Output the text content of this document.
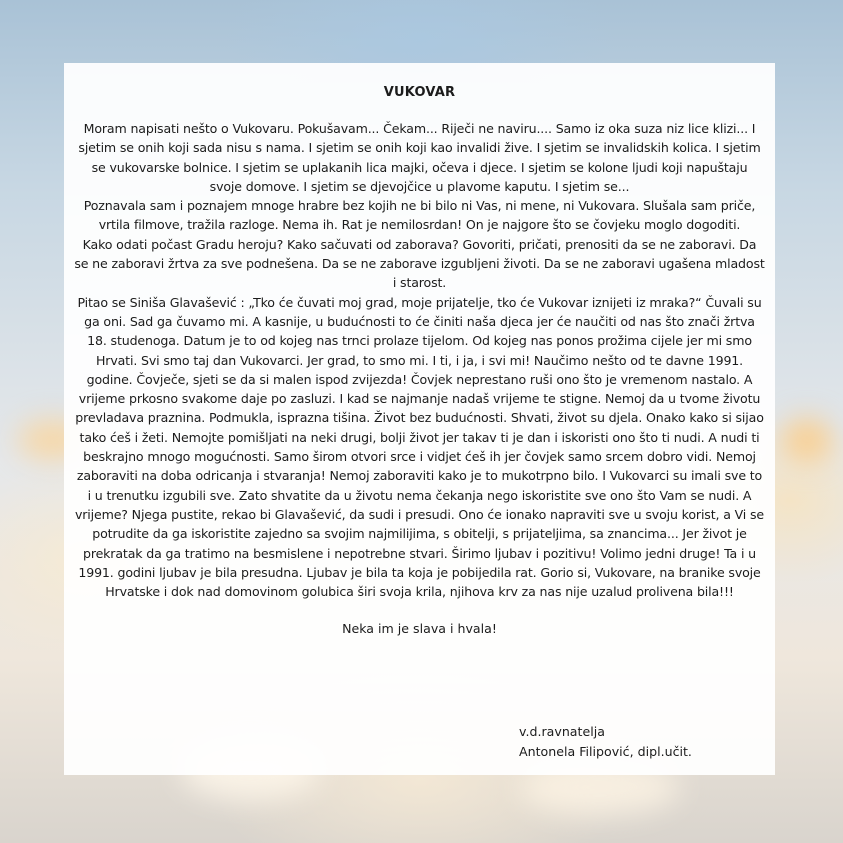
VUKOVAR

Moram napisati nešto o Vukovaru. Pokušavam... Čekam... Riječi ne naviru.... Samo iz oka suza niz lice klizi... I sjetim se onih koji sada nisu s nama. I sjetim se onih koji kao invalidi žive. I sjetim se invalidskih kolica. I sjetim se vukovarske bolnice. I sjetim se uplakanih lica majki, očeva i djece. I sjetim se kolone ljudi koji napuštaju svoje domove. I sjetim se djevojčice u plavome kaputu. I sjetim se...

Poznavala sam i poznajem mnoge hrabre bez kojih ne bi bilo ni Vas, ni mene, ni Vukovara. Slušala sam priče, vrtila filmove, tražila razloge. Nema ih. Rat je nemilosrdan! On je najgore što se čovjeku moglo dogoditi.

Kako odati počast Gradu heroju? Kako sačuvati od zaborava? Govoriti, pričati, prenositi da se ne zaboravi. Da se ne zaboravi žrtva za sve podnešena. Da se ne zaborave izgubljeni životi. Da se ne zaboravi ugašena mladost i starost.

Pitao se Siniša Glavašević : „Tko će čuvati moj grad, moje prijatelje, tko će Vukovar iznijeti iz mraka?“ Čuvali su ga oni. Sad ga čuvamo mi. A kasnije, u budućnosti to će činiti naša djeca jer će naučiti od nas što znači žrtva 18. studenoga. Datum je to od kojeg nas trnci prolaze tijelom. Od kojeg nas ponos prožima cijele jer mi smo Hrvati. Svi smo taj dan Vukovarci. Jer grad, to smo mi. I ti, i ja, i svi mi! Naučimo nešto od te davne 1991. godine. Čovječe, sjeti se da si malen ispod zvijezda! Čovjek neprestano ruši ono što je vremenom nastalo. A vrijeme prkosno svakome daje po zasluzi. I kad se najmanje nadaš vrijeme te stigne. Nemoj da u tvome životu prevladava praznina. Podmukla, isprazna tišina. Život bez budućnosti. Shvati, život su djela. Onako kako si sijao tako ćeš i žeti. Nemojte pomišljati na neki drugi, bolji život jer takav ti je dan i iskoristi ono što ti nudi. A nudi ti beskrajno mnogo mogućnosti. Samo širom otvori srce i vidjet ćeš ih jer čovjek samo srcem dobro vidi. Nemoj zaboraviti na doba odricanja i stvaranja! Nemoj zaboraviti kako je to mukotrpno bilo. I Vukovarci su imali sve to i u trenutku izgubili sve. Zato shvatite da u životu nema čekanja nego iskoristite sve ono što Vam se nudi. A vrijeme? Njega pustite, rekao bi Glavašević, da sudi i presudi. Ono će ionako napraviti sve u svoju korist, a Vi se potrudite da ga iskoristite zajedno sa svojim najmilijima, s obitelji, s prijateljima, sa znancima... Jer život je prekratak da ga tratimo na besmislene i nepotrebne stvari. Širimo ljubav i pozitivu! Volimo jedni druge! Ta i u 1991. godini ljubav je bila presudna. Ljubav je bila ta koja je pobijedila rat. Gorio si, Vukovare, na branike svoje Hrvatske i dok nad domovinom golubica širi svoja krila, njihova krv za nas nije uzalud prolivena bila!!!

Neka im je slava i hvala!
v.d.ravnatelja
Antonela Filipović, dipl.učit.
